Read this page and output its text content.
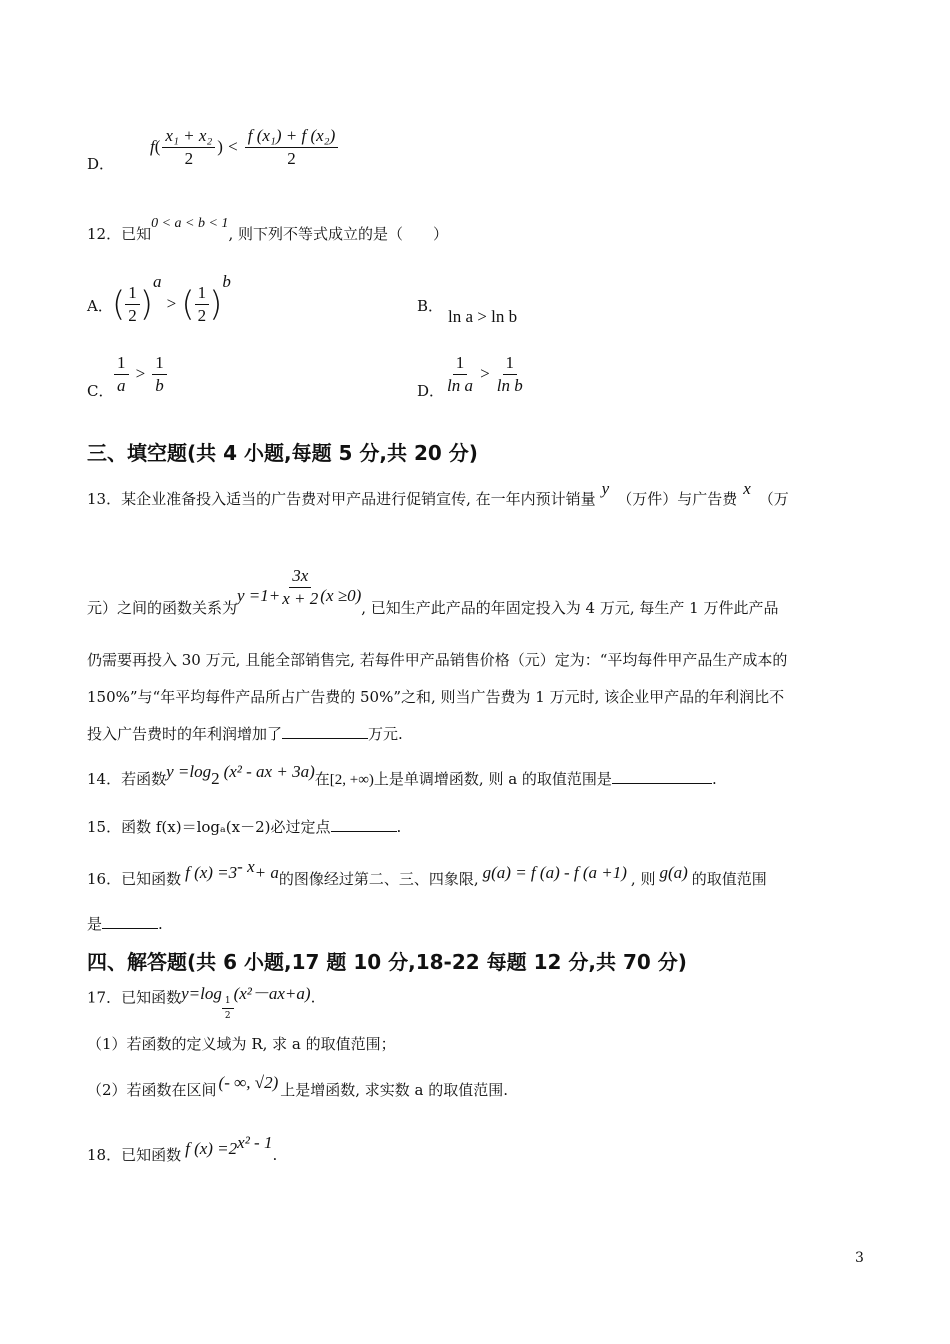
D．
$f( \frac{\text{x₁ + x₂}}{2}$ ) < $\frac{\text{f (x₁) + f (x₂)}}{2}$
12．已知0 < a < b < 1, 则下列不等式成立的是（　　）
A． ( $\frac{1}{2} )^a$ > ( $\frac{1}{2} )^b$
B．
ln a > ln b
C． $\frac{1}{a} > \frac{1}{b}$	D． $\frac{1}{\text{ln a}} > \frac{1}{\text{ln b}}$
三、填空题(共 4 小题,每题 5 分,共 20 分)
13．某企业准备投入适当的广告费对甲产品进行促销宣传, 在一年内预计销量y（万件）与广告费x（万
元）之间的函数关系为$y =1+ \frac{3x}{x + 2} (x \ge 0)$, 已知生产此产品的年固定投入为 4 万元, 每生产 1 万件此产品
仍需要再投入 30 万元, 且能全部销售完, 若每件甲产品销售价格（元）定为：“平均每件甲产品生产成本的
150%”与“年平均每件产品所占广告费的 50%”之和, 则当广告费为 1 万元时, 该企业甲产品的年利润比不
投入广告费时的年利润增加了	万元.
14．若函数$y =\log_2$ (x² - ax + 3a)在[2, +∞)上是单调增函数, 则 a 的取值范围是	.
15．函数 f(x)＝logₐ(x－2)必过定点	.
16．已知函数 f $(x) =3^{- x}+ a$的图像经过第二、三、四象限, g(a) = f (a) - f (a +1) , 则 g(a) 的取值范围
是	.
四、解答题(共 6 小题,17 题 10 分,18-22 每题 12 分,共 70 分)
17．已知函数y=log
$\frac{1}{2}$
(x²－ax+a).
（1）若函数的定义域为 R, 求 a 的取值范围；
（2）若函数在区间 (- ∞, √2) 上是增函数, 求实数 a 的取值范围.
18．已知函数 f $(x) =2^{x^2 - 1}$.
3
